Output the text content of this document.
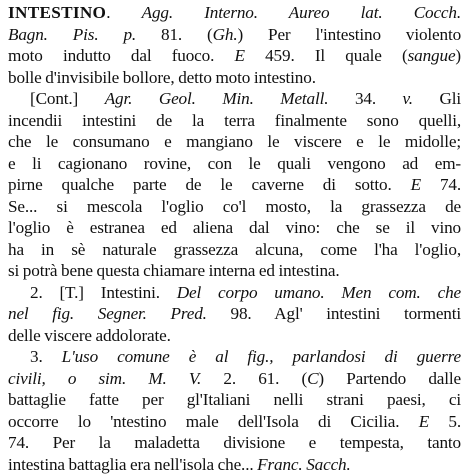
INTESTINO. Agg. Interno. Aureo lat. Cocch.
Bagn. Pis. p. 81. (Gh.) Per l'intestino violento
moto indutto dal fuoco. E 459. Il quale (sangue)
bolle d'invisibile bollore, detto moto intestino.
[Cont.] Agr. Geol. Min. Metall. 34. v. Gli
incendii intestini de la terra finalmente sono quelli,
che le consumano e mangiano le viscere e le midolle;
e li cagionano rovine, con le quali vengono ad em-
pirne qualche parte de le caverne di sotto. E 74.
Se... si mescola l'oglio co'l mosto, la grassezza de
l'oglio è estranea ed aliena dal vino: che se il vino
ha in sè naturale grassezza alcuna, come l'ha l'oglio,
si potrà bene questa chiamare interna ed intestina.
2. [T.] Intestini. Del corpo umano. Men com. che
nel fig. Segner. Pred. 98. Agl' intestini tormenti
delle viscere addolorate.
3. L'uso comune è al fig., parlandosi di guerre
civili, o sim. M. V. 2. 61. (C) Partendo dalle
battaglie fatte per gl'Italiani nelli strani paesi, ci
occorre lo 'ntestino male dell'Isola di Cicilia. E 5.
74. Per la maladetta divisione e tempesta, tanto
intestina battaglia era nell'isola che... Franc. Sacch.
